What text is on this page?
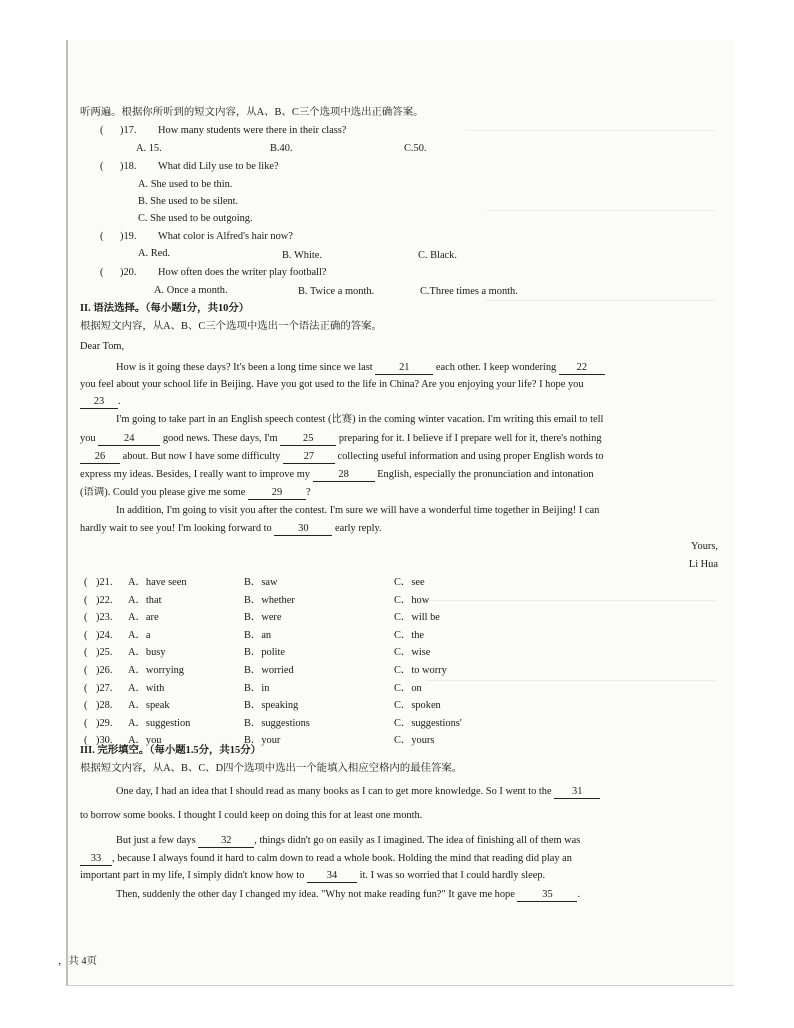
听两遍。根据你所听到的短文内容，从A、B、C三个选项中选出正确答案。
( )17. How many students were there in their class?
A. 15.	B.40.	C.50.
( )18. What did Lily use to be like?
A. She used to be thin.
B. She used to be silent.
C. She used to be outgoing.
( )19. What color is Alfred's hair now?
A. Red.	B. White.	C. Black.
( )20. How often does the writer play football?
A. Once a month.	B. Twice a month.	C.Three times a month.
II. 语法选择。（每小题1分，共10分）
根据短文内容，从A、B、C三个选项中选出一个语法正确的答案。
Dear Tom,
How is it going these days? It's been a long time since we last	21	each other. I keep wondering 22
you feel about your school life in Beijing. Have you got used to the life in China? Are you enjoying your life? I hope you
23 .
I'm going to take part in an English speech contest (比赛) in the coming winter vacation. I'm writing this email to tell
you	24	good news. These days, I'm 25 preparing for it. I believe if I prepare well for it, there's nothing
26 about. But now I have some difficulty 27 collecting useful information and using proper English words to
express my ideas. Besides, I really want to improve my	28	English, especially the pronunciation and intonation
(语调). Could you please give me some	29 ?
In addition, I'm going to visit you after the contest. I'm sure we will have a wonderful time together in Beijing! I can
hardly wait to see you! I'm looking forward to	30	early reply.
Yours,
Li Hua
( )21. A．have seen	B．saw	C．see
( )22. A．that	B．whether	C．how
( )23. A．are	B．were	C．will be
( )24. A．a	B．an	C．the
( )25. A．busy	B．polite	C．wise
( )26. A．worrying	B．worried	C．to worry
( )27. A．with	B．in	C．on
( )28. A．speak	B．speaking	C．spoken
( )29. A．suggestion	B．suggestions	C．suggestions'
( )30. A．you	B．your	C．yours
III. 完形填空。（每小题1.5分，共15分）
根据短文内容，从A、B、C、D四个选项中选出一个能填入相应空格内的最佳答案。
One day, I had an idea that I should read as many books as I can to get more knowledge. So I went to the 31
to borrow some books. I thought I could keep on doing this for at least one month.
But just a few days 32 , things didn't go on easily as I imagined. The idea of finishing all of them was
33 , because I always found it hard to calm down to read a whole book. Holding the mind that reading did play an
important part in my life, I simply didn't know how to 34 it. I was so worried that I could hardly sleep.
Then, suddenly the other day I changed my idea. "Why not make reading fun?" It gave me hope	35 .
，共 4页
